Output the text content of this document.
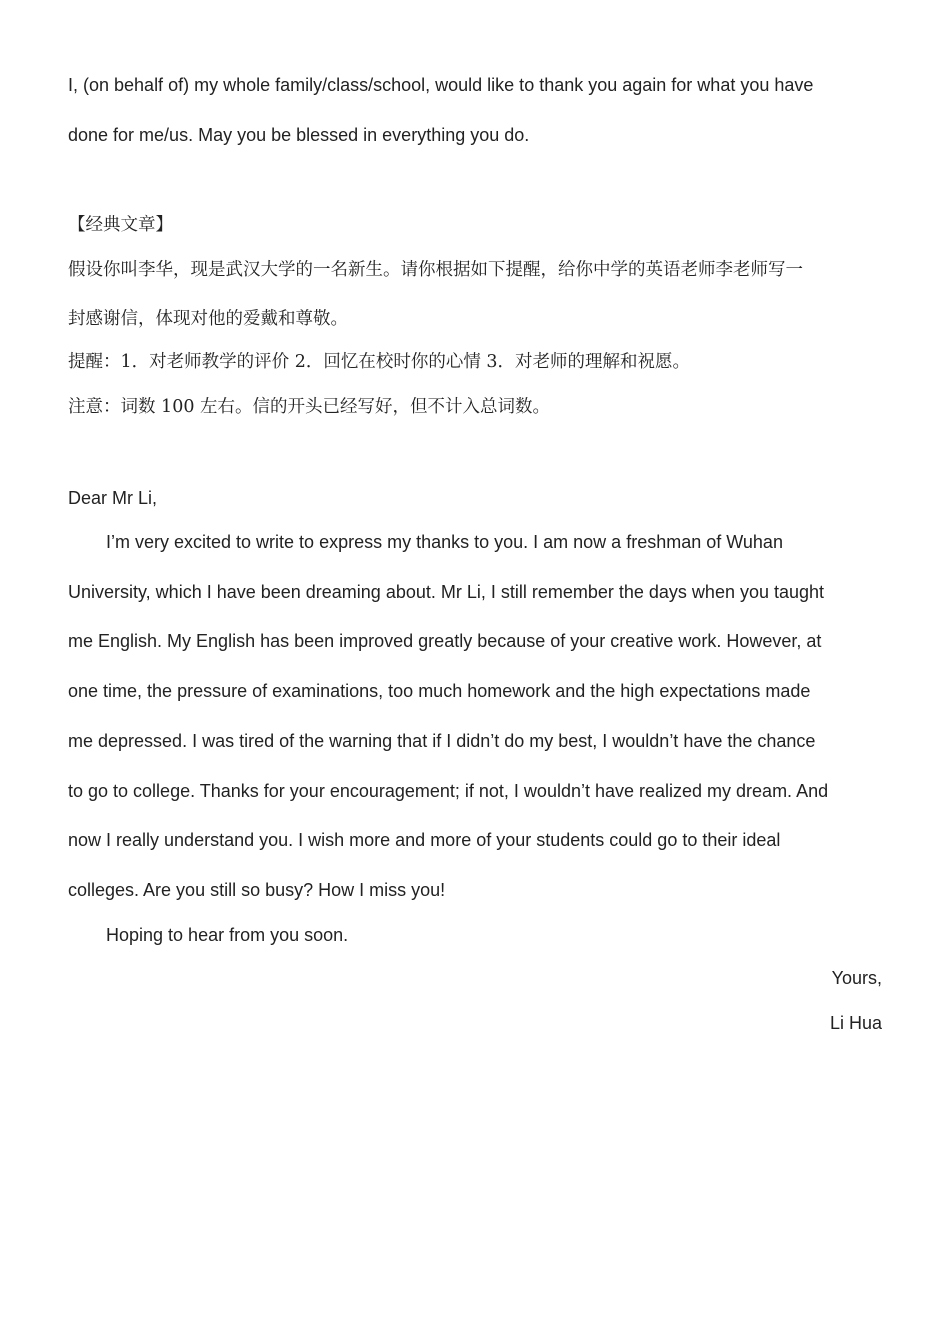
I, (on behalf of) my whole family/class/school, would like to thank you again for what you have
done for me/us. May you be blessed in everything you do.
【经典文章】
假设你叫李华，现是武汉大学的一名新生。请你根据如下提醒，给你中学的英语老师李老师写一
封感谢信，体现对他的爱戴和尊敬。
提醒：1．对老师教学的评价 2．回忆在校时你的心情 3．对老师的理解和祝愿。
注意：词数 100 左右。信的开头已经写好，但不计入总词数。
Dear Mr Li,
I’m very excited to write to express my thanks to you. I am now a freshman of Wuhan
University, which I have been dreaming about. Mr Li, I still remember the days when you taught
me English. My English has been improved greatly because of your creative work. However, at
one time, the pressure of examinations, too much homework and the high expectations made
me depressed. I was tired of the warning that if I didn’t do my best, I wouldn’t have the chance
to go to college. Thanks for your encouragement; if not, I wouldn’t have realized my dream. And
now I really understand you. I wish more and more of your students could go to their ideal
colleges. Are you still so busy? How I miss you!
Hoping to hear from you soon.
Yours,
Li Hua
